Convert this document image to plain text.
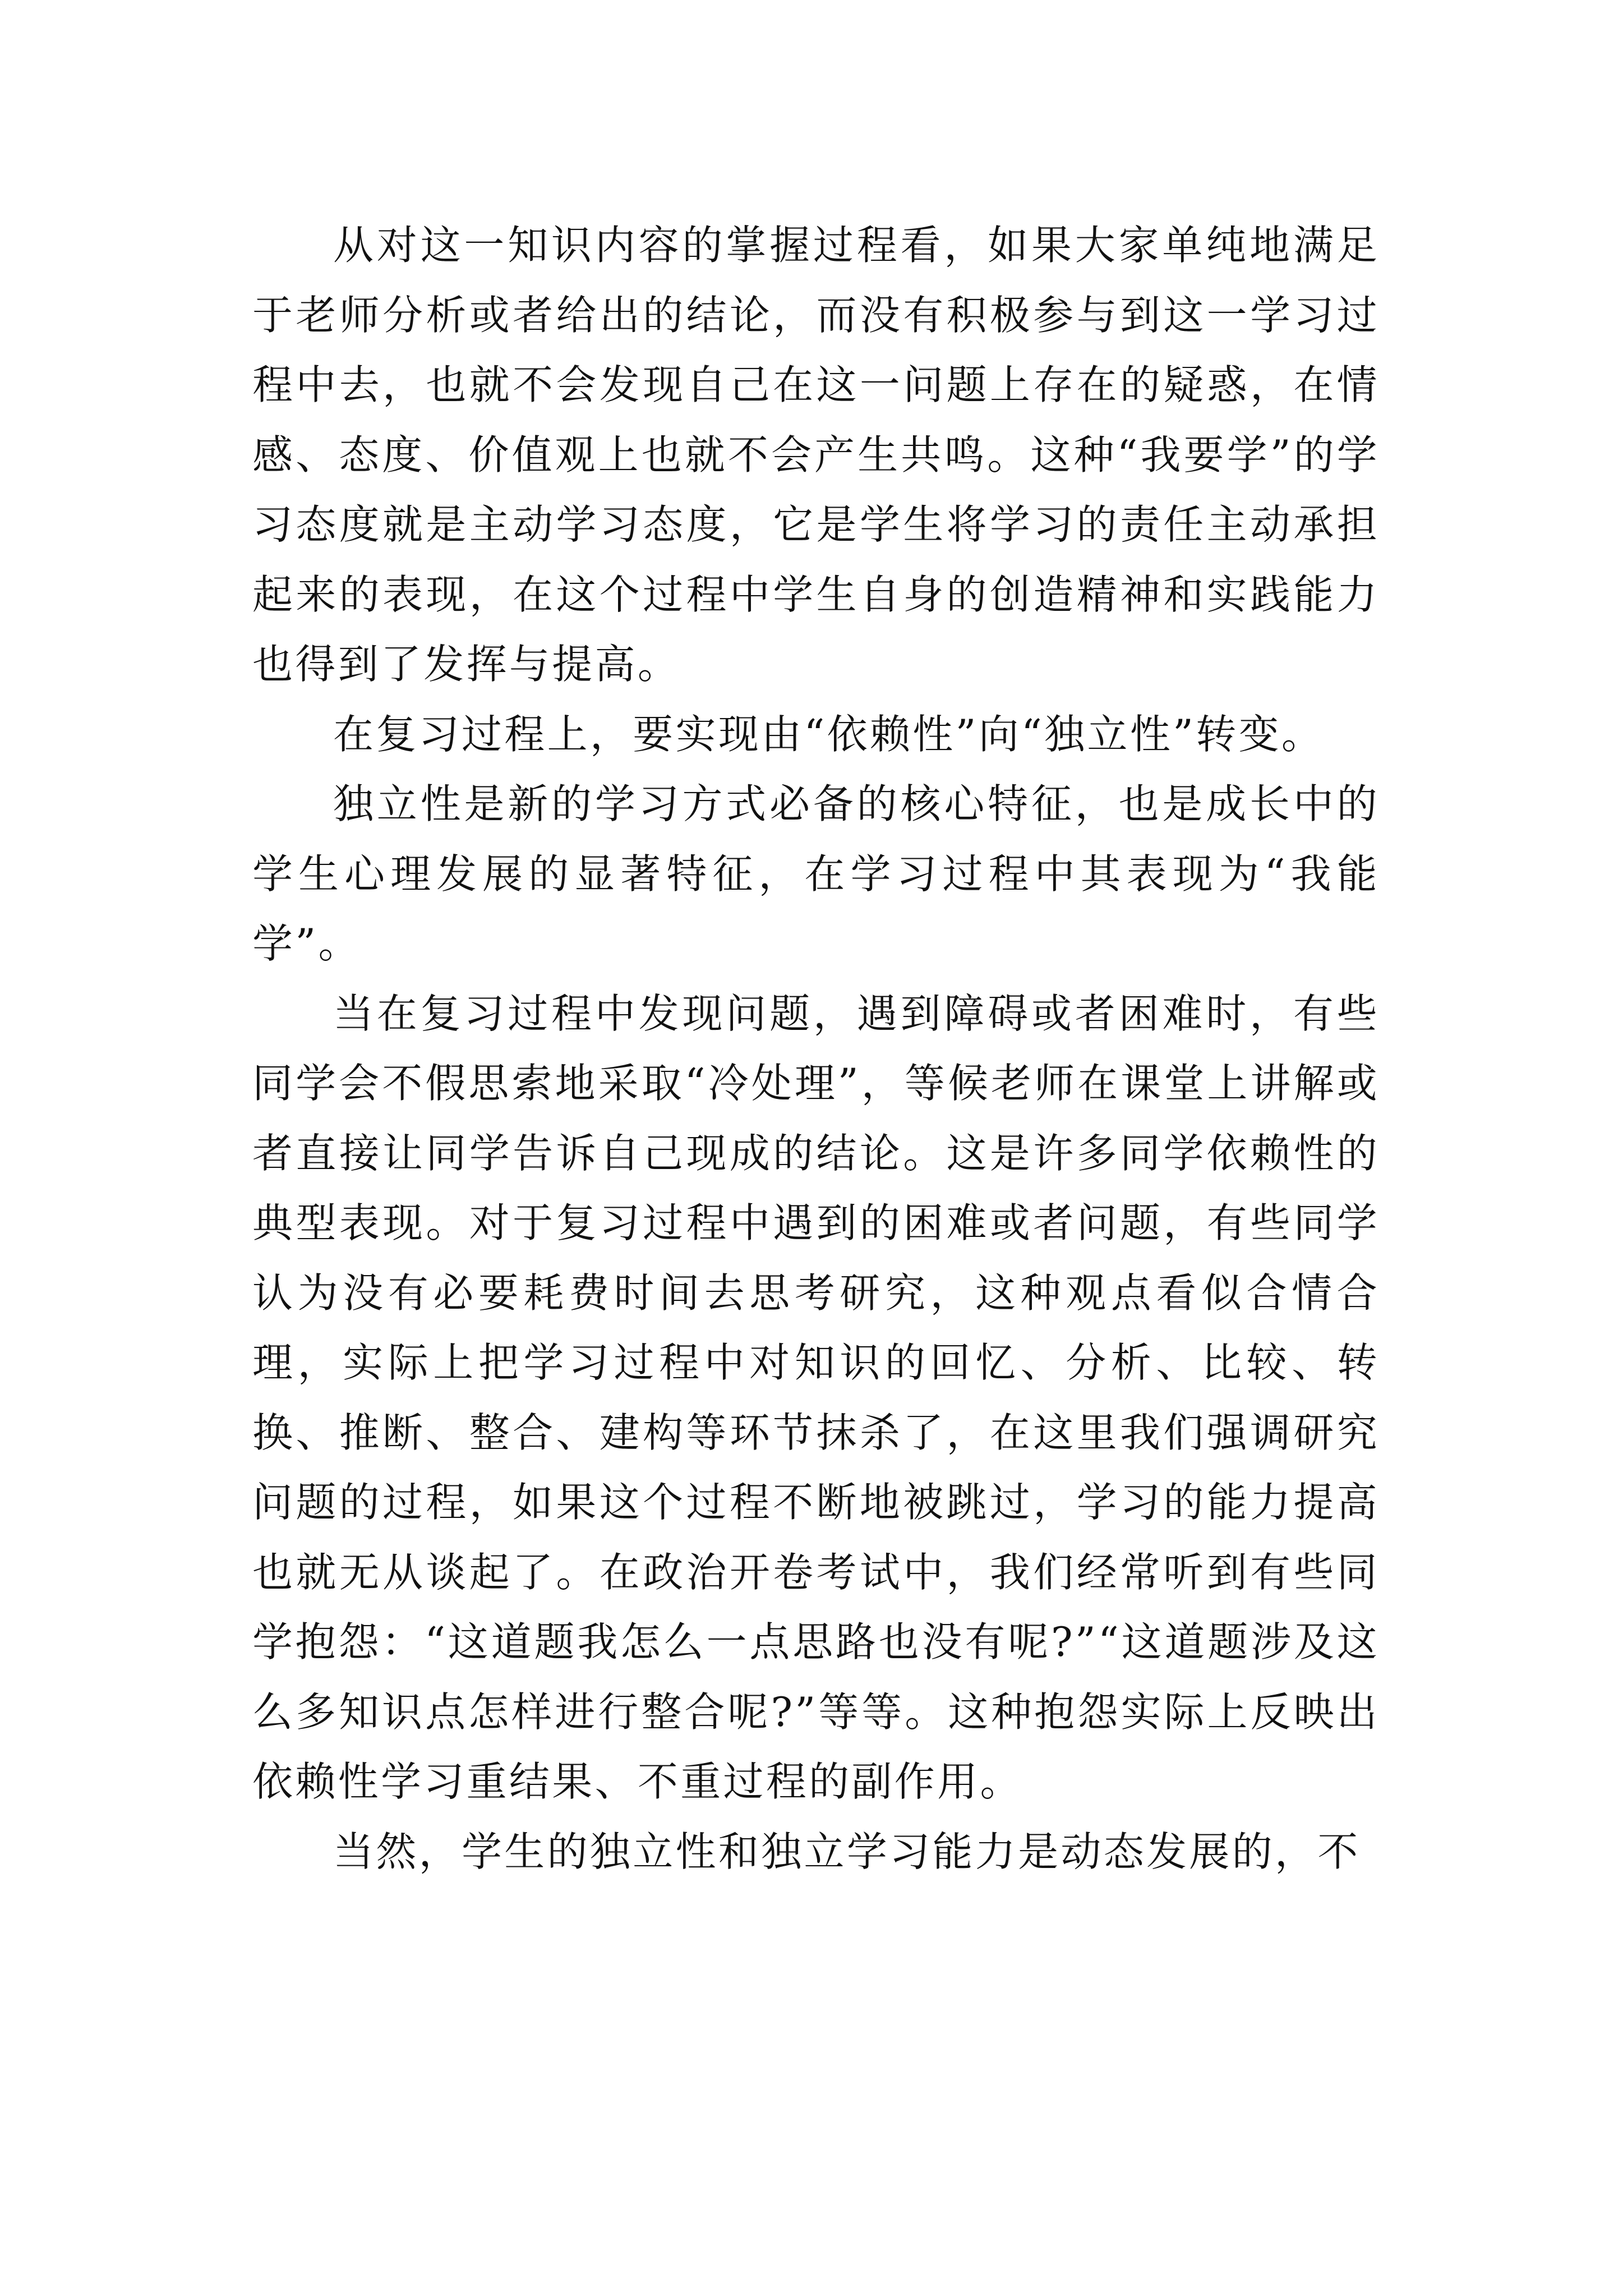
从对这一知识内容的掌握过程看，如果大家单纯地满足于老师分析或者给出的结论，而没有积极参与到这一学习过程中去，也就不会发现自己在这一问题上存在的疑惑，在情感、态度、价值观上也就不会产生共鸣。这种“我要学”的学习态度就是主动学习态度，它是学生将学习的责任主动承担起来的表现，在这个过程中学生自身的创造精神和实践能力也得到了发挥与提高。

在复习过程上，要实现由“依赖性”向“独立性”转变。

独立性是新的学习方式必备的核心特征，也是成长中的学生心理发展的显著特征，在学习过程中其表现为“我能学”。

当在复习过程中发现问题，遇到障碍或者困难时，有些同学会不假思索地采取“冷处理”，等候老师在课堂上讲解或者直接让同学告诉自己现成的结论。这是许多同学依赖性的典型表现。对于复习过程中遇到的困难或者问题，有些同学认为没有必要耗费时间去思考研究，这种观点看似合情合理，实际上把学习过程中对知识的回忆、分析、比较、转换、推断、整合、建构等环节抹杀了，在这里我们强调研究问题的过程，如果这个过程不断地被跳过，学习的能力提高也就无从谈起了。在政治开卷考试中，我们经常听到有些同学抱怨：“这道题我怎么一点思路也没有呢?”“这道题涉及这么多知识点怎样进行整合呢?”等等。这种抱怨实际上反映出依赖性学习重结果、不重过程的副作用。

当然，学生的独立性和独立学习能力是动态发展的，不
